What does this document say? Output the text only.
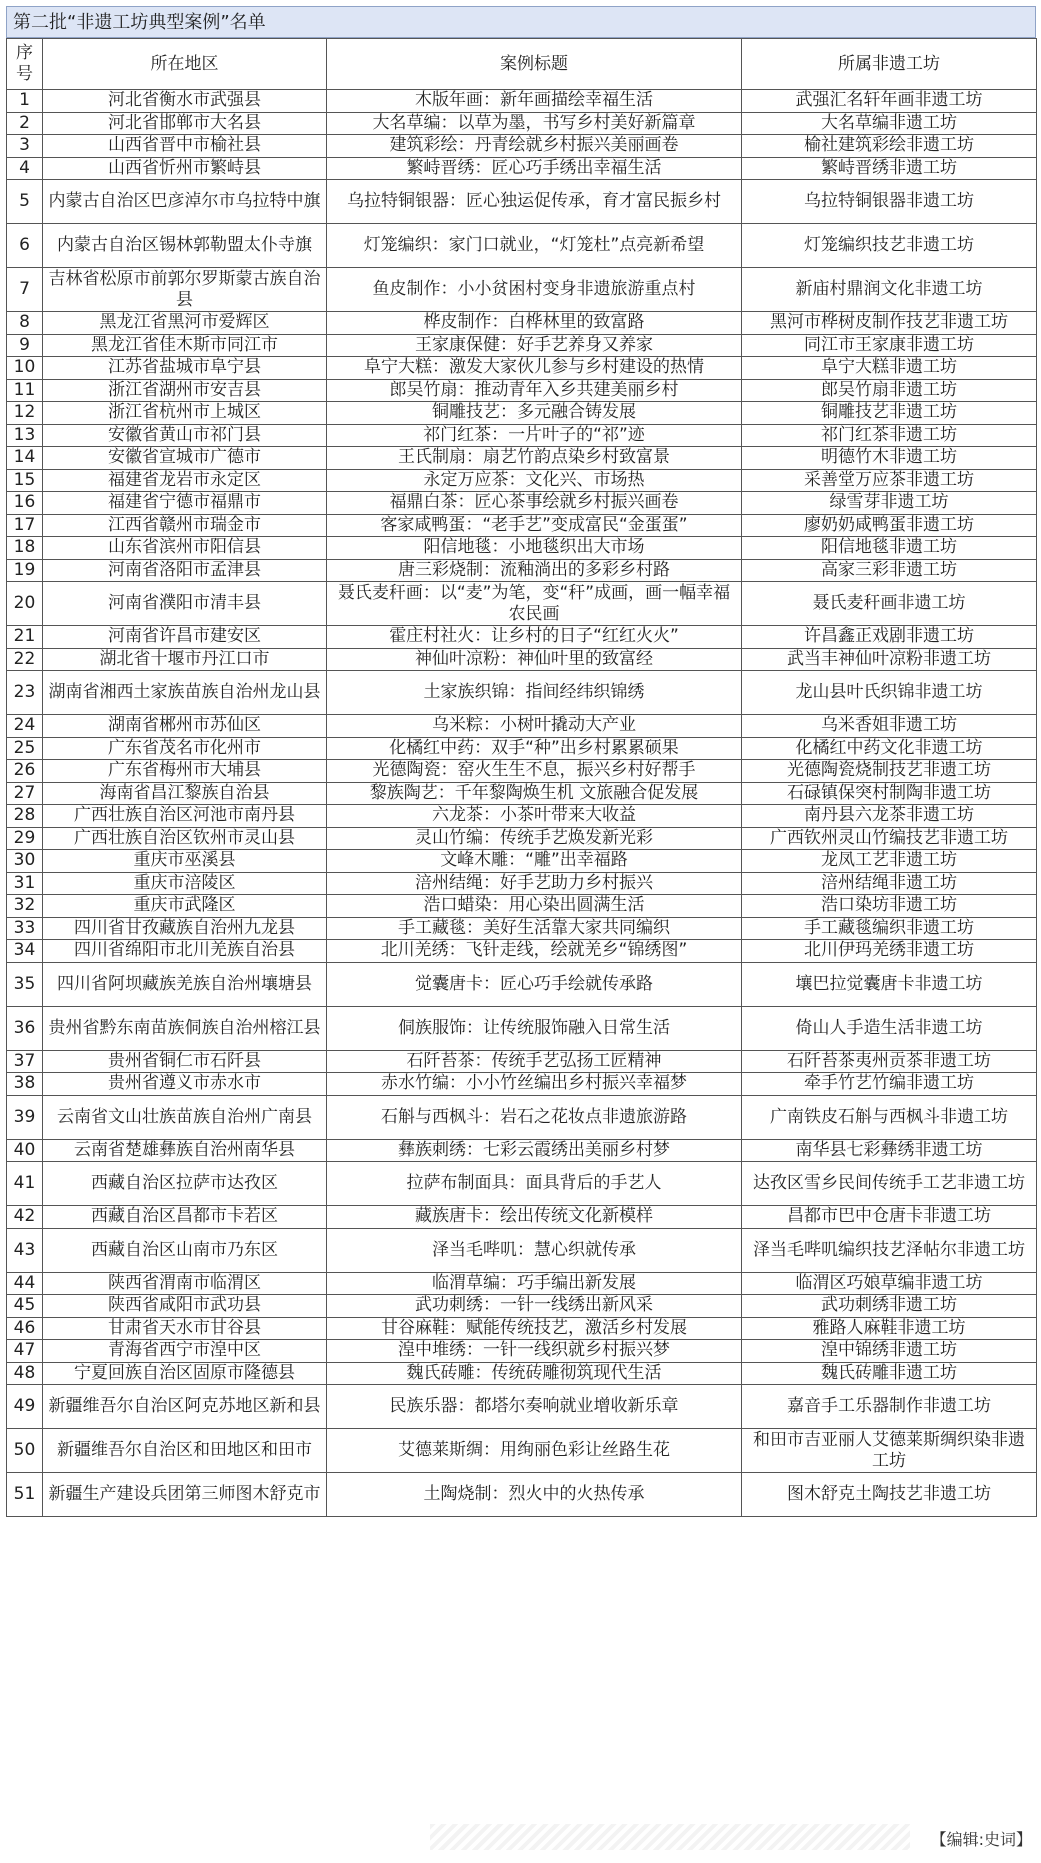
第二批“非遗工坊典型案例”名单
序号	所在地区	案例标题	所属非遗工坊
1	河北省衡水市武强县	木版年画：新年画描绘幸福生活	武强汇名轩年画非遗工坊
2	河北省邯郸市大名县	大名草编：以草为墨，书写乡村美好新篇章	大名草编非遗工坊
3	山西省晋中市榆社县	建筑彩绘：丹青绘就乡村振兴美丽画卷	榆社建筑彩绘非遗工坊
4	山西省忻州市繁峙县	繁峙晋绣：匠心巧手绣出幸福生活	繁峙晋绣非遗工坊
5	内蒙古自治区巴彦淖尔市乌拉特中旗	乌拉特铜银器：匠心独运促传承，育才富民振乡村	乌拉特铜银器非遗工坊
6	内蒙古自治区锡林郭勒盟太仆寺旗	灯笼编织：家门口就业，“灯笼杜”点亮新希望	灯笼编织技艺非遗工坊
7	吉林省松原市前郭尔罗斯蒙古族自治县	鱼皮制作：小小贫困村变身非遗旅游重点村	新庙村鼎润文化非遗工坊
8	黑龙江省黑河市爱辉区	桦皮制作：白桦林里的致富路	黑河市桦树皮制作技艺非遗工坊
9	黑龙江省佳木斯市同江市	王家康保健：好手艺养身又养家	同江市王家康非遗工坊
10	江苏省盐城市阜宁县	阜宁大糕：激发大家伙儿参与乡村建设的热情	阜宁大糕非遗工坊
11	浙江省湖州市安吉县	郎吴竹扇：推动青年入乡共建美丽乡村	郎吴竹扇非遗工坊
12	浙江省杭州市上城区	铜雕技艺：多元融合铸发展	铜雕技艺非遗工坊
13	安徽省黄山市祁门县	祁门红茶：一片叶子的“祁”迹	祁门红茶非遗工坊
14	安徽省宣城市广德市	王氏制扇：扇艺竹韵点染乡村致富景	明德竹木非遗工坊
15	福建省龙岩市永定区	永定万应茶：文化兴、市场热	采善堂万应茶非遗工坊
16	福建省宁德市福鼎市	福鼎白茶：匠心茶事绘就乡村振兴画卷	绿雪芽非遗工坊
17	江西省赣州市瑞金市	客家咸鸭蛋：“老手艺”变成富民“金蛋蛋”	廖奶奶咸鸭蛋非遗工坊
18	山东省滨州市阳信县	阳信地毯：小地毯织出大市场	阳信地毯非遗工坊
19	河南省洛阳市孟津县	唐三彩烧制：流釉淌出的多彩乡村路	高家三彩非遗工坊
20	河南省濮阳市清丰县	聂氏麦秆画：以“麦”为笔，变“秆”成画，画一幅幸福农民画	聂氏麦秆画非遗工坊
21	河南省许昌市建安区	霍庄村社火：让乡村的日子“红红火火”	许昌鑫正戏剧非遗工坊
22	湖北省十堰市丹江口市	神仙叶凉粉：神仙叶里的致富经	武当丰神仙叶凉粉非遗工坊
23	湖南省湘西土家族苗族自治州龙山县	土家族织锦：指间经纬织锦绣	龙山县叶氏织锦非遗工坊
24	湖南省郴州市苏仙区	乌米粽：小树叶撬动大产业	乌米香姐非遗工坊
25	广东省茂名市化州市	化橘红中药：双手“种”出乡村累累硕果	化橘红中药文化非遗工坊
26	广东省梅州市大埔县	光德陶瓷：窑火生生不息，振兴乡村好帮手	光德陶瓷烧制技艺非遗工坊
27	海南省昌江黎族自治县	黎族陶艺：千年黎陶焕生机 文旅融合促发展	石碌镇保突村制陶非遗工坊
28	广西壮族自治区河池市南丹县	六龙茶：小茶叶带来大收益	南丹县六龙茶非遗工坊
29	广西壮族自治区钦州市灵山县	灵山竹编：传统手艺焕发新光彩	广西钦州灵山竹编技艺非遗工坊
30	重庆市巫溪县	文峰木雕：“雕”出幸福路	龙凤工艺非遗工坊
31	重庆市涪陵区	涪州结绳：好手艺助力乡村振兴	涪州结绳非遗工坊
32	重庆市武隆区	浩口蜡染：用心染出圆满生活	浩口染坊非遗工坊
33	四川省甘孜藏族自治州九龙县	手工藏毯：美好生活靠大家共同编织	手工藏毯编织非遗工坊
34	四川省绵阳市北川羌族自治县	北川羌绣：飞针走线，绘就羌乡“锦绣图”	北川伊玛羌绣非遗工坊
35	四川省阿坝藏族羌族自治州壤塘县	觉囊唐卡：匠心巧手绘就传承路	壤巴拉觉囊唐卡非遗工坊
36	贵州省黔东南苗族侗族自治州榕江县	侗族服饰：让传统服饰融入日常生活	倚山人手造生活非遗工坊
37	贵州省铜仁市石阡县	石阡苔茶：传统手艺弘扬工匠精神	石阡苔茶夷州贡茶非遗工坊
38	贵州省遵义市赤水市	赤水竹编：小小竹丝编出乡村振兴幸福梦	牵手竹艺竹编非遗工坊
39	云南省文山壮族苗族自治州广南县	石斛与西枫斗：岩石之花妆点非遗旅游路	广南铁皮石斛与西枫斗非遗工坊
40	云南省楚雄彝族自治州南华县	彝族刺绣：七彩云霞绣出美丽乡村梦	南华县七彩彝绣非遗工坊
41	西藏自治区拉萨市达孜区	拉萨布制面具：面具背后的手艺人	达孜区雪乡民间传统手工艺非遗工坊
42	西藏自治区昌都市卡若区	藏族唐卡：绘出传统文化新模样	昌都市巴中仓唐卡非遗工坊
43	西藏自治区山南市乃东区	泽当毛哔叽：慧心织就传承	泽当毛哔叽编织技艺泽帖尔非遗工坊
44	陕西省渭南市临渭区	临渭草编：巧手编出新发展	临渭区巧娘草编非遗工坊
45	陕西省咸阳市武功县	武功刺绣：一针一线绣出新风采	武功刺绣非遗工坊
46	甘肃省天水市甘谷县	甘谷麻鞋：赋能传统技艺，激活乡村发展	雅路人麻鞋非遗工坊
47	青海省西宁市湟中区	湟中堆绣：一针一线织就乡村振兴梦	湟中锦绣非遗工坊
48	宁夏回族自治区固原市隆德县	魏氏砖雕：传统砖雕彻筑现代生活	魏氏砖雕非遗工坊
49	新疆维吾尔自治区阿克苏地区新和县	民族乐器：都塔尔奏响就业增收新乐章	嘉音手工乐器制作非遗工坊
50	新疆维吾尔自治区和田地区和田市	艾德莱斯绸：用绚丽色彩让丝路生花	和田市吉亚丽人艾德莱斯绸织染非遗工坊
51	新疆生产建设兵团第三师图木舒克市	土陶烧制：烈火中的火热传承	图木舒克土陶技艺非遗工坊
【编辑:史词】
